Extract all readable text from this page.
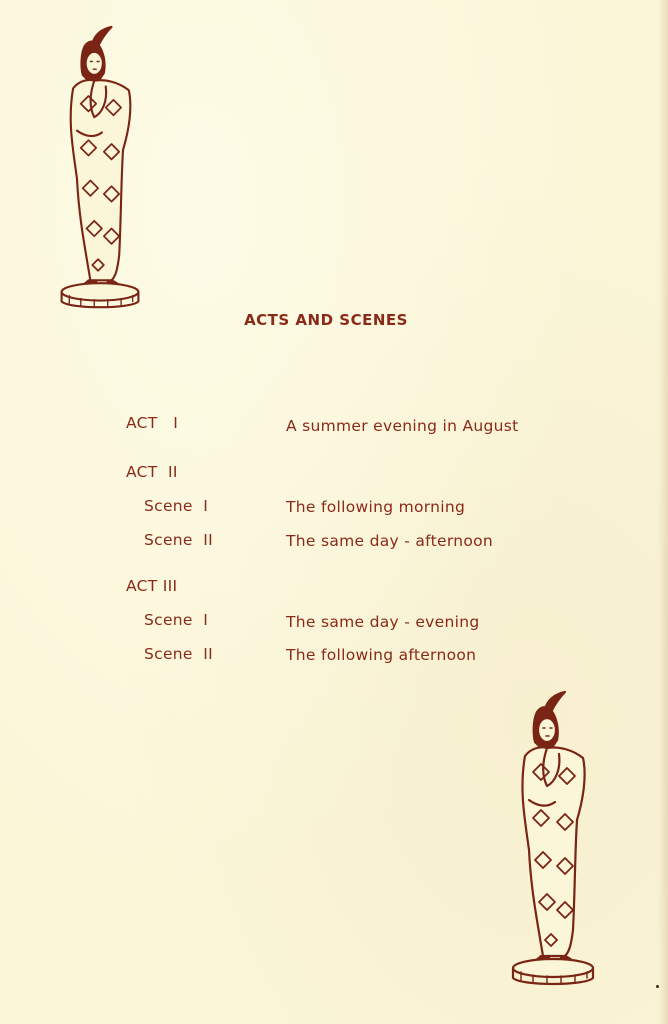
ACTS AND SCENES
ACT   I	A summer evening in August
ACT  II
Scene  I	The following morning
Scene  II	The same day - afternoon
ACT III
Scene  I	The same day - evening
Scene  II	The following afternoon
